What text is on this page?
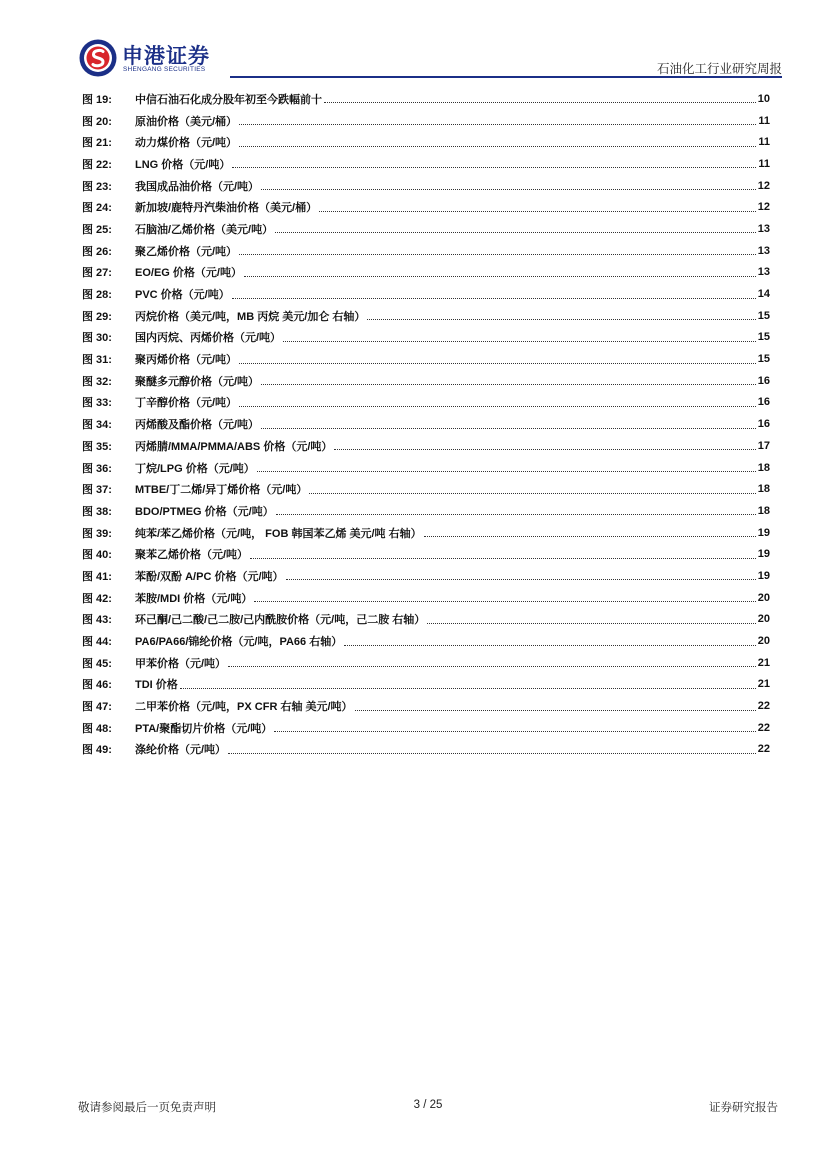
申港证券
SHENGANG SECURITIES	石油化工行业研究周报
图 19:	中信石油石化成分股年初至今跌幅前十	10
图 20:	原油价格（美元/桶）	11
图 21:	动力煤价格（元/吨）	11
图 22:	LNG 价格（元/吨）	11
图 23:	我国成品油价格（元/吨）	12
图 24:	新加坡/鹿特丹汽柴油价格（美元/桶）	12
图 25:	石脑油/乙烯价格（美元/吨）	13
图 26:	聚乙烯价格（元/吨）	13
图 27:	EO/EG 价格（元/吨）	13
图 28:	PVC 价格（元/吨）	14
图 29:	丙烷价格（美元/吨，MB 丙烷 美元/加仑 右轴）	15
图 30:	国内丙烷、丙烯价格（元/吨）	15
图 31:	聚丙烯价格（元/吨）	15
图 32:	聚醚多元醇价格（元/吨）	16
图 33:	丁辛醇价格（元/吨）	16
图 34:	丙烯酸及酯价格（元/吨）	16
图 35:	丙烯腈/MMA/PMMA/ABS 价格（元/吨）	17
图 36:	丁烷/LPG 价格（元/吨）	18
图 37:	MTBE/丁二烯/异丁烯价格（元/吨）	18
图 38:	BDO/PTMEG 价格（元/吨）	18
图 39:	纯苯/苯乙烯价格（元/吨， FOB 韩国苯乙烯 美元/吨 右轴）	19
图 40:	聚苯乙烯价格（元/吨）	19
图 41:	苯酚/双酚 A/PC 价格（元/吨）	19
图 42:	苯胺/MDI 价格（元/吨）	20
图 43:	环己酮/己二酸/己二胺/己内酰胺价格（元/吨，己二胺 右轴）	20
图 44:	PA6/PA66/锦纶价格（元/吨，PA66 右轴）	20
图 45:	甲苯价格（元/吨）	21
图 46:	TDI 价格	21
图 47:	二甲苯价格（元/吨，PX CFR 右轴 美元/吨）	22
图 48:	PTA/聚酯切片价格（元/吨）	22
图 49:	涤纶价格（元/吨）	22
敬请参阅最后一页免责声明	3 / 25	证券研究报告
